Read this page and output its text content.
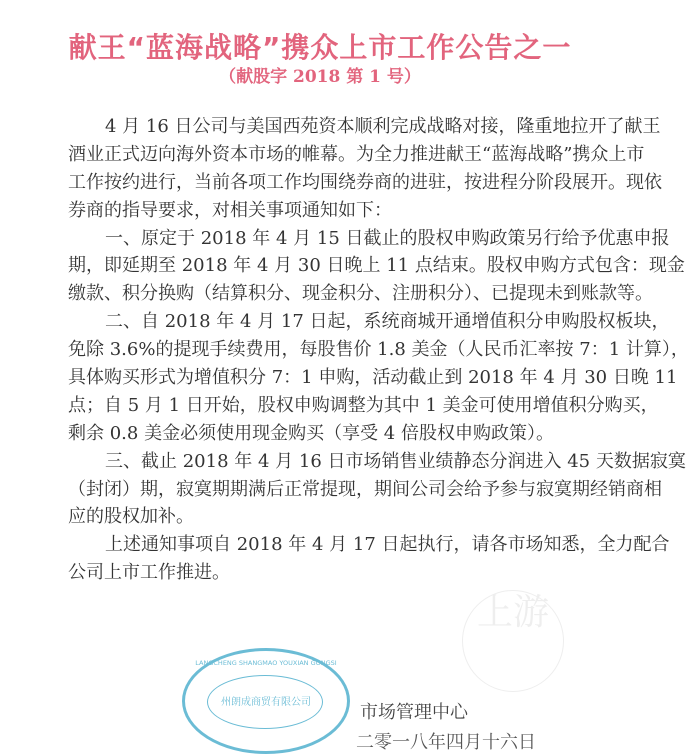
献王“蓝海战略”携众上市工作公告之一
（献股字 2018 第 1 号）
4 月 16 日公司与美国西苑资本顺利完成战略对接，隆重地拉开了献王
酒业正式迈向海外资本市场的帷幕。为全力推进献王“蓝海战略”携众上市
工作按约进行，当前各项工作均围绕券商的进驻，按进程分阶段展开。现依
券商的指导要求，对相关事项通知如下：
一、原定于 2018 年 4 月 15 日截止的股权申购政策另行给予优惠申报
期，即延期至 2018 年 4 月 30 日晚上 11 点结束。股权申购方式包含：现金
缴款、积分换购（结算积分、现金积分、注册积分）、已提现未到账款等。
二、自 2018 年 4 月 17 日起，系统商城开通增值积分申购股权板块，
免除 3.6%的提现手续费用，每股售价 1.8 美金（人民币汇率按 7：1 计算），
具体购买形式为增值积分 7：1 申购，活动截止到 2018 年 4 月 30 日晚 11
点；自 5 月 1 日开始，股权申购调整为其中 1 美金可使用增值积分购买，
剩余 0.8 美金必须使用现金购买（享受 4 倍股权申购政策）。
三、截止 2018 年 4 月 16 日市场销售业绩静态分润进入 45 天数据寂寞
（封闭）期，寂寞期期满后正常提现，期间公司会给予参与寂寞期经销商相
应的股权加补。
上述通知事项自 2018 年 4 月 17 日起执行，请各市场知悉，全力配合
公司上市工作推进。
上游
LANGCHENG SHANGMAO YOUXIAN GONGSI
州朗成商贸有限公司	市场管理中心
二零一八年四月十六日
